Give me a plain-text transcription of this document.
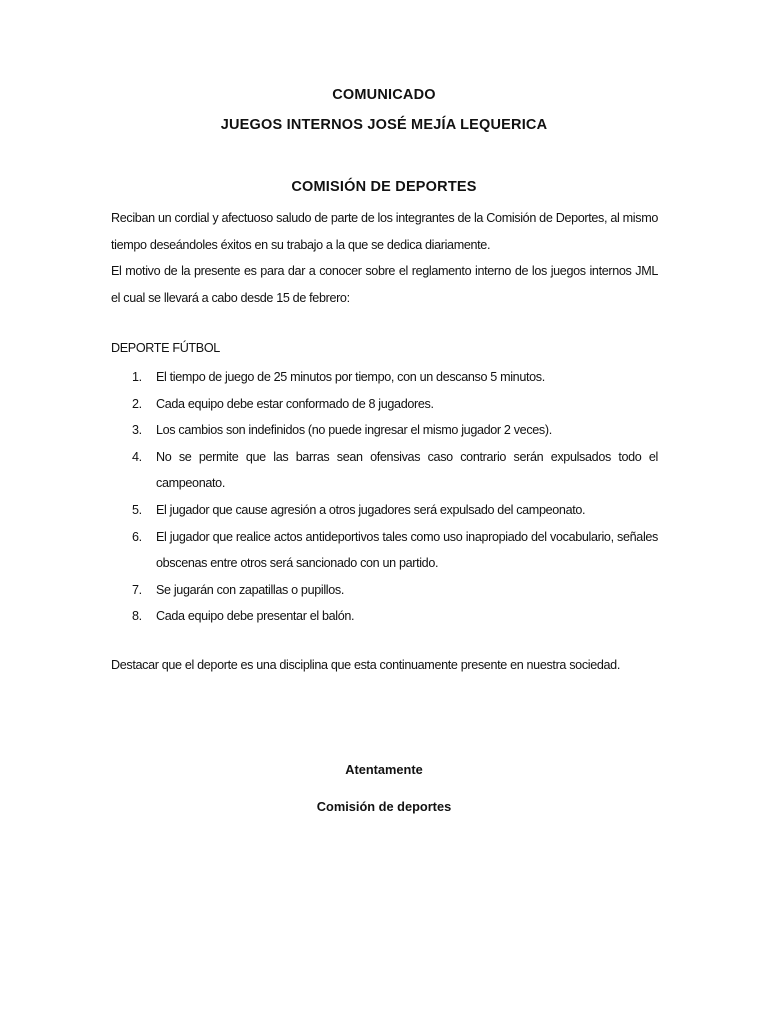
COMUNICADO
JUEGOS INTERNOS JOSÉ MEJÍA LEQUERICA
COMISIÓN DE DEPORTES

Reciban un cordial y afectuoso saludo de parte de los integrantes de la Comisión de Deportes, al mismo tiempo deseándoles éxitos en su trabajo a la que se dedica diariamente.

El motivo de la presente es para dar a conocer sobre el reglamento interno de los juegos internos JML el cual se llevará a cabo desde 15 de febrero:

DEPORTE FÚTBOL
1. El tiempo de juego de 25 minutos por tiempo, con un descanso 5 minutos.
2. Cada equipo debe estar conformado de 8 jugadores.
3. Los cambios son indefinidos (no puede ingresar el mismo jugador 2 veces).
4. No se permite que las barras sean ofensivas caso contrario serán expulsados todo el campeonato.
5. El jugador que cause agresión a otros jugadores será expulsado del campeonato.
6. El jugador que realice actos antideportivos tales como uso inapropiado del vocabulario, señales obscenas entre otros será sancionado con un partido.
7. Se jugarán con zapatillas o pupillos.
8. Cada equipo debe presentar el balón.
Destacar que el deporte es una disciplina que esta continuamente presente en nuestra sociedad.
Atentamente
Comisión de deportes
